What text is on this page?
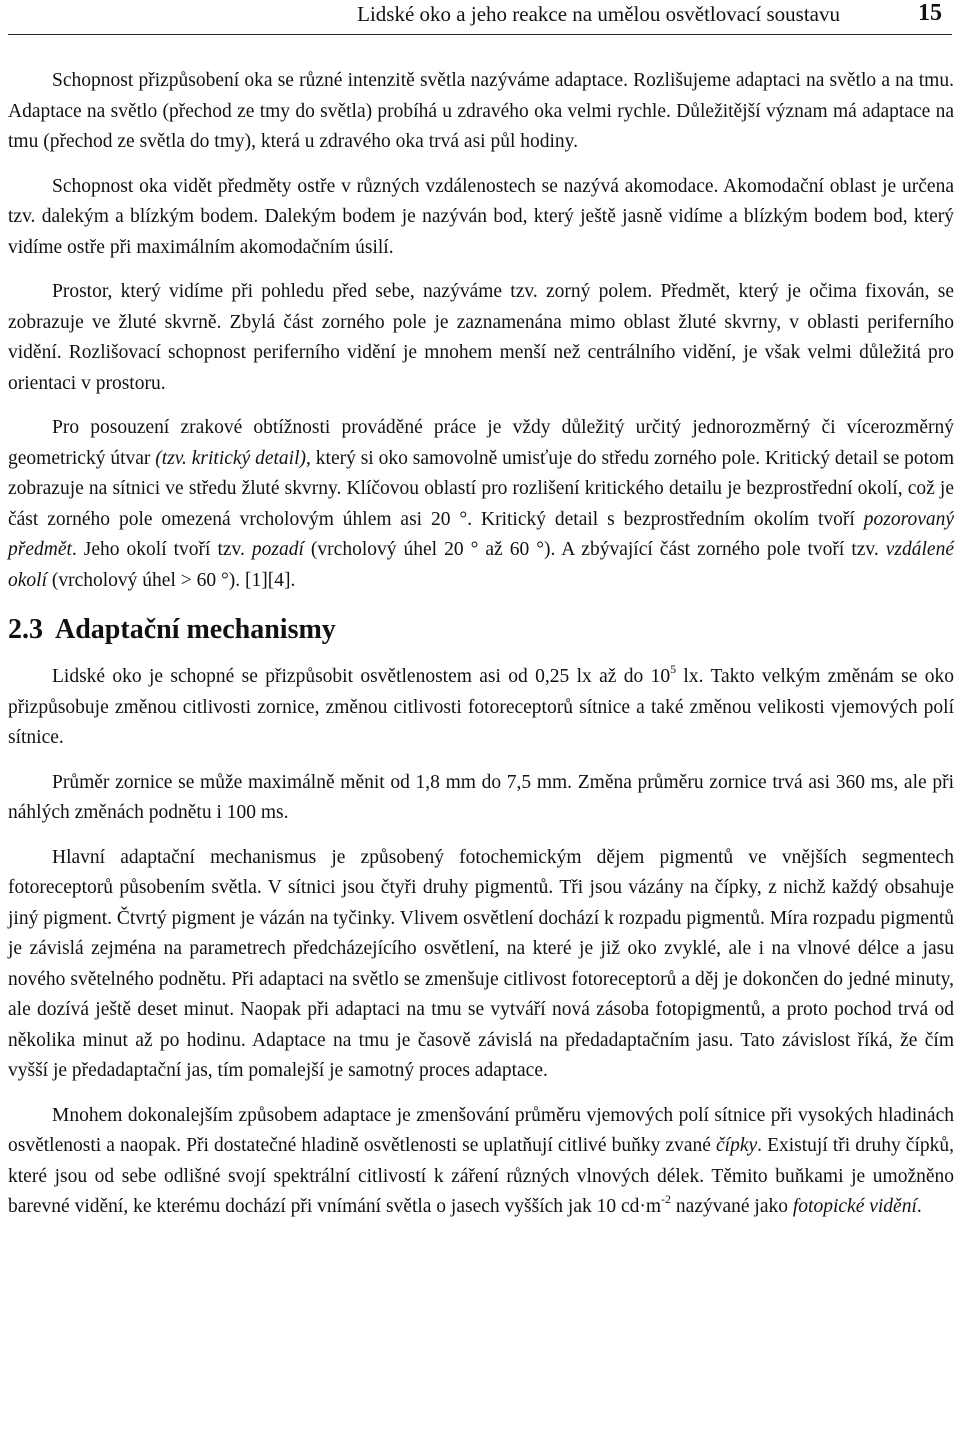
Lidské oko a jeho reakce na umělou osvětlovací soustavu	15

Schopnost přizpůsobení oka se různé intenzitě světla nazýváme adaptace. Rozlišujeme adaptaci na světlo a na tmu. Adaptace na světlo (přechod ze tmy do světla) probíhá u zdravého oka velmi rychle. Důležitější význam má adaptace na tmu (přechod ze světla do tmy), která u zdravého oka trvá asi půl hodiny.

Schopnost oka vidět předměty ostře v různých vzdálenostech se nazývá akomodace. Akomodační oblast je určena tzv. dalekým a blízkým bodem. Dalekým bodem je nazýván bod, který ještě jasně vidíme a blízkým bodem bod, který vidíme ostře při maximálním akomodačním úsilí.

Prostor, který vidíme při pohledu před sebe, nazýváme tzv. zorný polem. Předmět, který je očima fixován, se zobrazuje ve žluté skvrně. Zbylá část zorného pole je zaznamenána mimo oblast žluté skvrny, v oblasti periferního vidění. Rozlišovací schopnost periferního vidění je mnohem menší než centrálního vidění, je však velmi důležitá pro orientaci v prostoru.

Pro posouzení zrakové obtížnosti prováděné práce je vždy důležitý určitý jednorozměrný či vícerozměrný geometrický útvar (tzv. kritický detail), který si oko samovolně umisťuje do středu zorného pole. Kritický detail se potom zobrazuje na sítnici ve středu žluté skvrny. Klíčovou oblastí pro rozlišení kritického detailu je bezprostřední okolí, což je část zorného pole omezená vrcholovým úhlem asi 20 °. Kritický detail s bezprostředním okolím tvoří pozorovaný předmět. Jeho okolí tvoří tzv. pozadí (vrcholový úhel 20 ° až 60 °). A zbývající část zorného pole tvoří tzv. vzdálené okolí (vrcholový úhel > 60 °). [1][4].

2.3 Adaptační mechanismy

Lidské oko je schopné se přizpůsobit osvětlenostem asi od 0,25 lx až do $10^5$ lx. Takto velkým změnám se oko přizpůsobuje změnou citlivosti zornice, změnou citlivosti fotoreceptorů sítnice a také změnou velikosti vjemových polí sítnice.

Průměr zornice se může maximálně měnit od 1,8 mm do 7,5 mm. Změna průměru zornice trvá asi 360 ms, ale při náhlých změnách podnětu i 100 ms.

Hlavní adaptační mechanismus je způsobený fotochemickým dějem pigmentů ve vnějších segmentech fotoreceptorů působením světla. V sítnici jsou čtyři druhy pigmentů. Tři jsou vázány na čípky, z nichž každý obsahuje jiný pigment. Čtvrtý pigment je vázán na tyčinky. Vlivem osvětlení dochází k rozpadu pigmentů. Míra rozpadu pigmentů je závislá zejména na parametrech předcházejícího osvětlení, na které je již oko zvyklé, ale i na vlnové délce a jasu nového světelného podnětu. Při adaptaci na světlo se zmenšuje citlivost fotoreceptorů a děj je dokončen do jedné minuty, ale dozívá ještě deset minut. Naopak při adaptaci na tmu se vytváří nová zásoba fotopigmentů, a proto pochod trvá od několika minut až po hodinu. Adaptace na tmu je časově závislá na předadaptačním jasu. Tato závislost říká, že čím vyšší je předadaptační jas, tím pomalejší je samotný proces adaptace.

Mnohem dokonalejším způsobem adaptace je zmenšování průměru vjemových polí sítnice při vysokých hladinách osvětlenosti a naopak. Při dostatečné hladině osvětlenosti se uplatňují citlivé buňky zvané čípky. Existují tři druhy čípků, které jsou od sebe odlišné svojí spektrální citlivostí k záření různých vlnových délek. Těmito buňkami je umožněno barevné vidění, ke kterému dochází při vnímání světla o jasech vyšších jak 10 $cd\cdot m^{-2}$ nazývané jako fotopické vidění.
